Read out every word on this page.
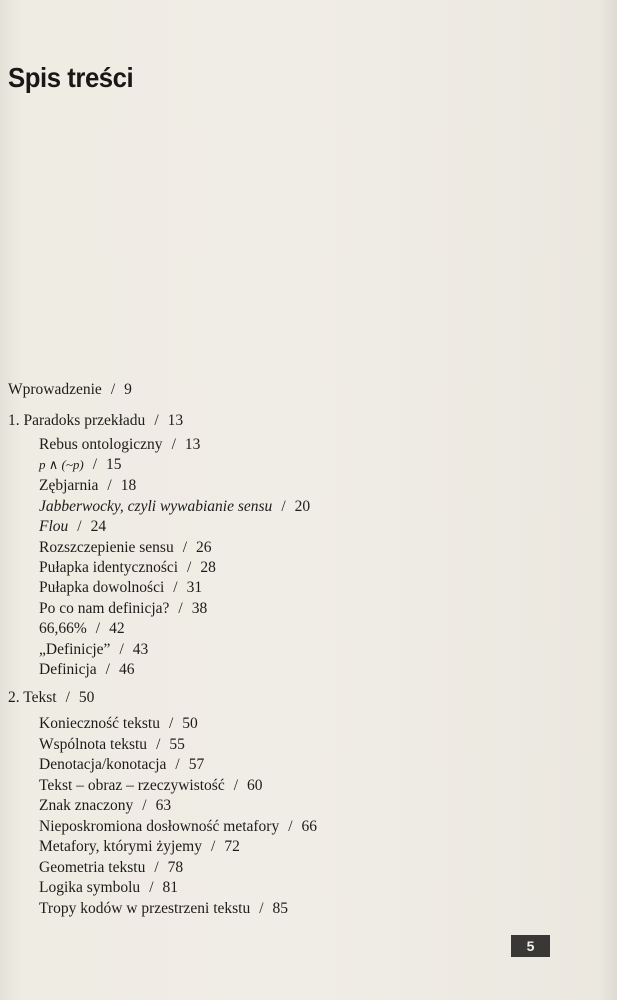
Spis treści
Wprowadzenie / 9
1. Paradoks przekładu / 13
Rebus ontologiczny / 13
p ∧ (~p) / 15
Zębjarnia / 18
Jabberwocky, czyli wywabianie sensu / 20
Flou / 24
Rozszczepienie sensu / 26
Pułapka identyczności / 28
Pułapka dowolności / 31
Po co nam definicja? / 38
66,66% / 42
„Definicje” / 43
Definicja / 46
2. Tekst / 50
Konieczność tekstu / 50
Wspólnota tekstu / 55
Denotacja/konotacja / 57
Tekst – obraz – rzeczywistość / 60
Znak znaczony / 63
Nieposkromiona dosłowność metafory / 66
Metafory, którymi żyjemy / 72
Geometria tekstu / 78
Logika symbolu / 81
Tropy kodów w przestrzeni tekstu / 85
5
